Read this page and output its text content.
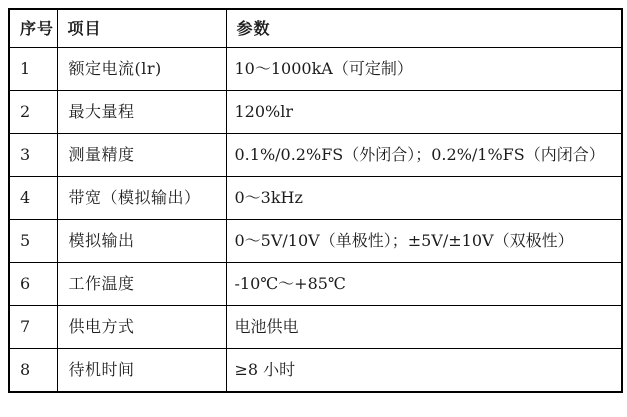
序号	项目	参数
1	额定电流(lr)	10～1000kA（可定制）
2	最大量程	120%lr
3	测量精度	0.1%/0.2%FS（外闭合）；0.2%/1%FS（内闭合）
4	带宽（模拟输出）	0～3kHz
5	模拟输出	0～5V/10V（单极性）；±5V/±10V（双极性）
6	工作温度	-10℃～+85℃
7	供电方式	电池供电
8	待机时间	≥8 小时
